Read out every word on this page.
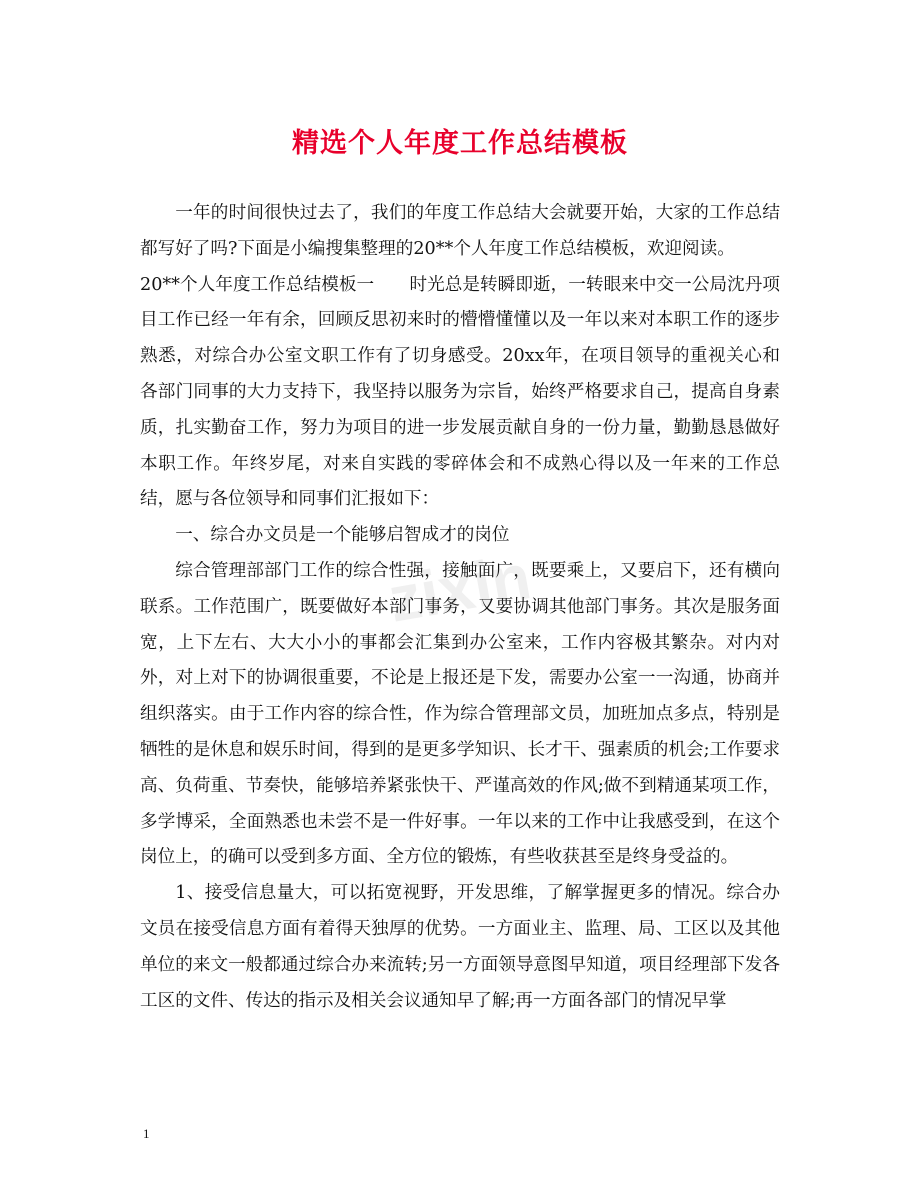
精选个人年度工作总结模板

一年的时间很快过去了，我们的年度工作总结大会就要开始，大家的工作总结都写好了吗?下面是小编搜集整理的20**个人年度工作总结模板，欢迎阅读。

20**个人年度工作总结模板一　　时光总是转瞬即逝，一转眼来中交一公局沈丹项目工作已经一年有余，回顾反思初来时的懵懵懂懂以及一年以来对本职工作的逐步熟悉，对综合办公室文职工作有了切身感受。20xx年，在项目领导的重视关心和各部门同事的大力支持下，我坚持以服务为宗旨，始终严格要求自己，提高自身素质，扎实勤奋工作，努力为项目的进一步发展贡献自身的一份力量，勤勤恳恳做好本职工作。年终岁尾，对来自实践的零碎体会和不成熟心得以及一年来的工作总结，愿与各位领导和同事们汇报如下：

一、综合办文员是一个能够启智成才的岗位

综合管理部部门工作的综合性强，接触面广，既要乘上，又要启下，还有横向联系。工作范围广，既要做好本部门事务，又要协调其他部门事务。其次是服务面宽，上下左右、大大小小的事都会汇集到办公室来，工作内容极其繁杂。对内对外，对上对下的协调很重要，不论是上报还是下发，需要办公室一一沟通，协商并组织落实。由于工作内容的综合性，作为综合管理部文员，加班加点多点，特别是牺牲的是休息和娱乐时间，得到的是更多学知识、长才干、强素质的机会;工作要求高、负荷重、节奏快，能够培养紧张快干、严谨高效的作风;做不到精通某项工作，多学博采，全面熟悉也未尝不是一件好事。一年以来的工作中让我感受到，在这个岗位上，的确可以受到多方面、全方位的锻炼，有些收获甚至是终身受益的。

1、接受信息量大，可以拓宽视野，开发思维，了解掌握更多的情况。综合办文员在接受信息方面有着得天独厚的优势。一方面业主、监理、局、工区以及其他单位的来文一般都通过综合办来流转;另一方面领导意图早知道，项目经理部下发各工区的文件、传达的指示及相关会议通知早了解;再一方面各部门的情况早掌

zixin
1
